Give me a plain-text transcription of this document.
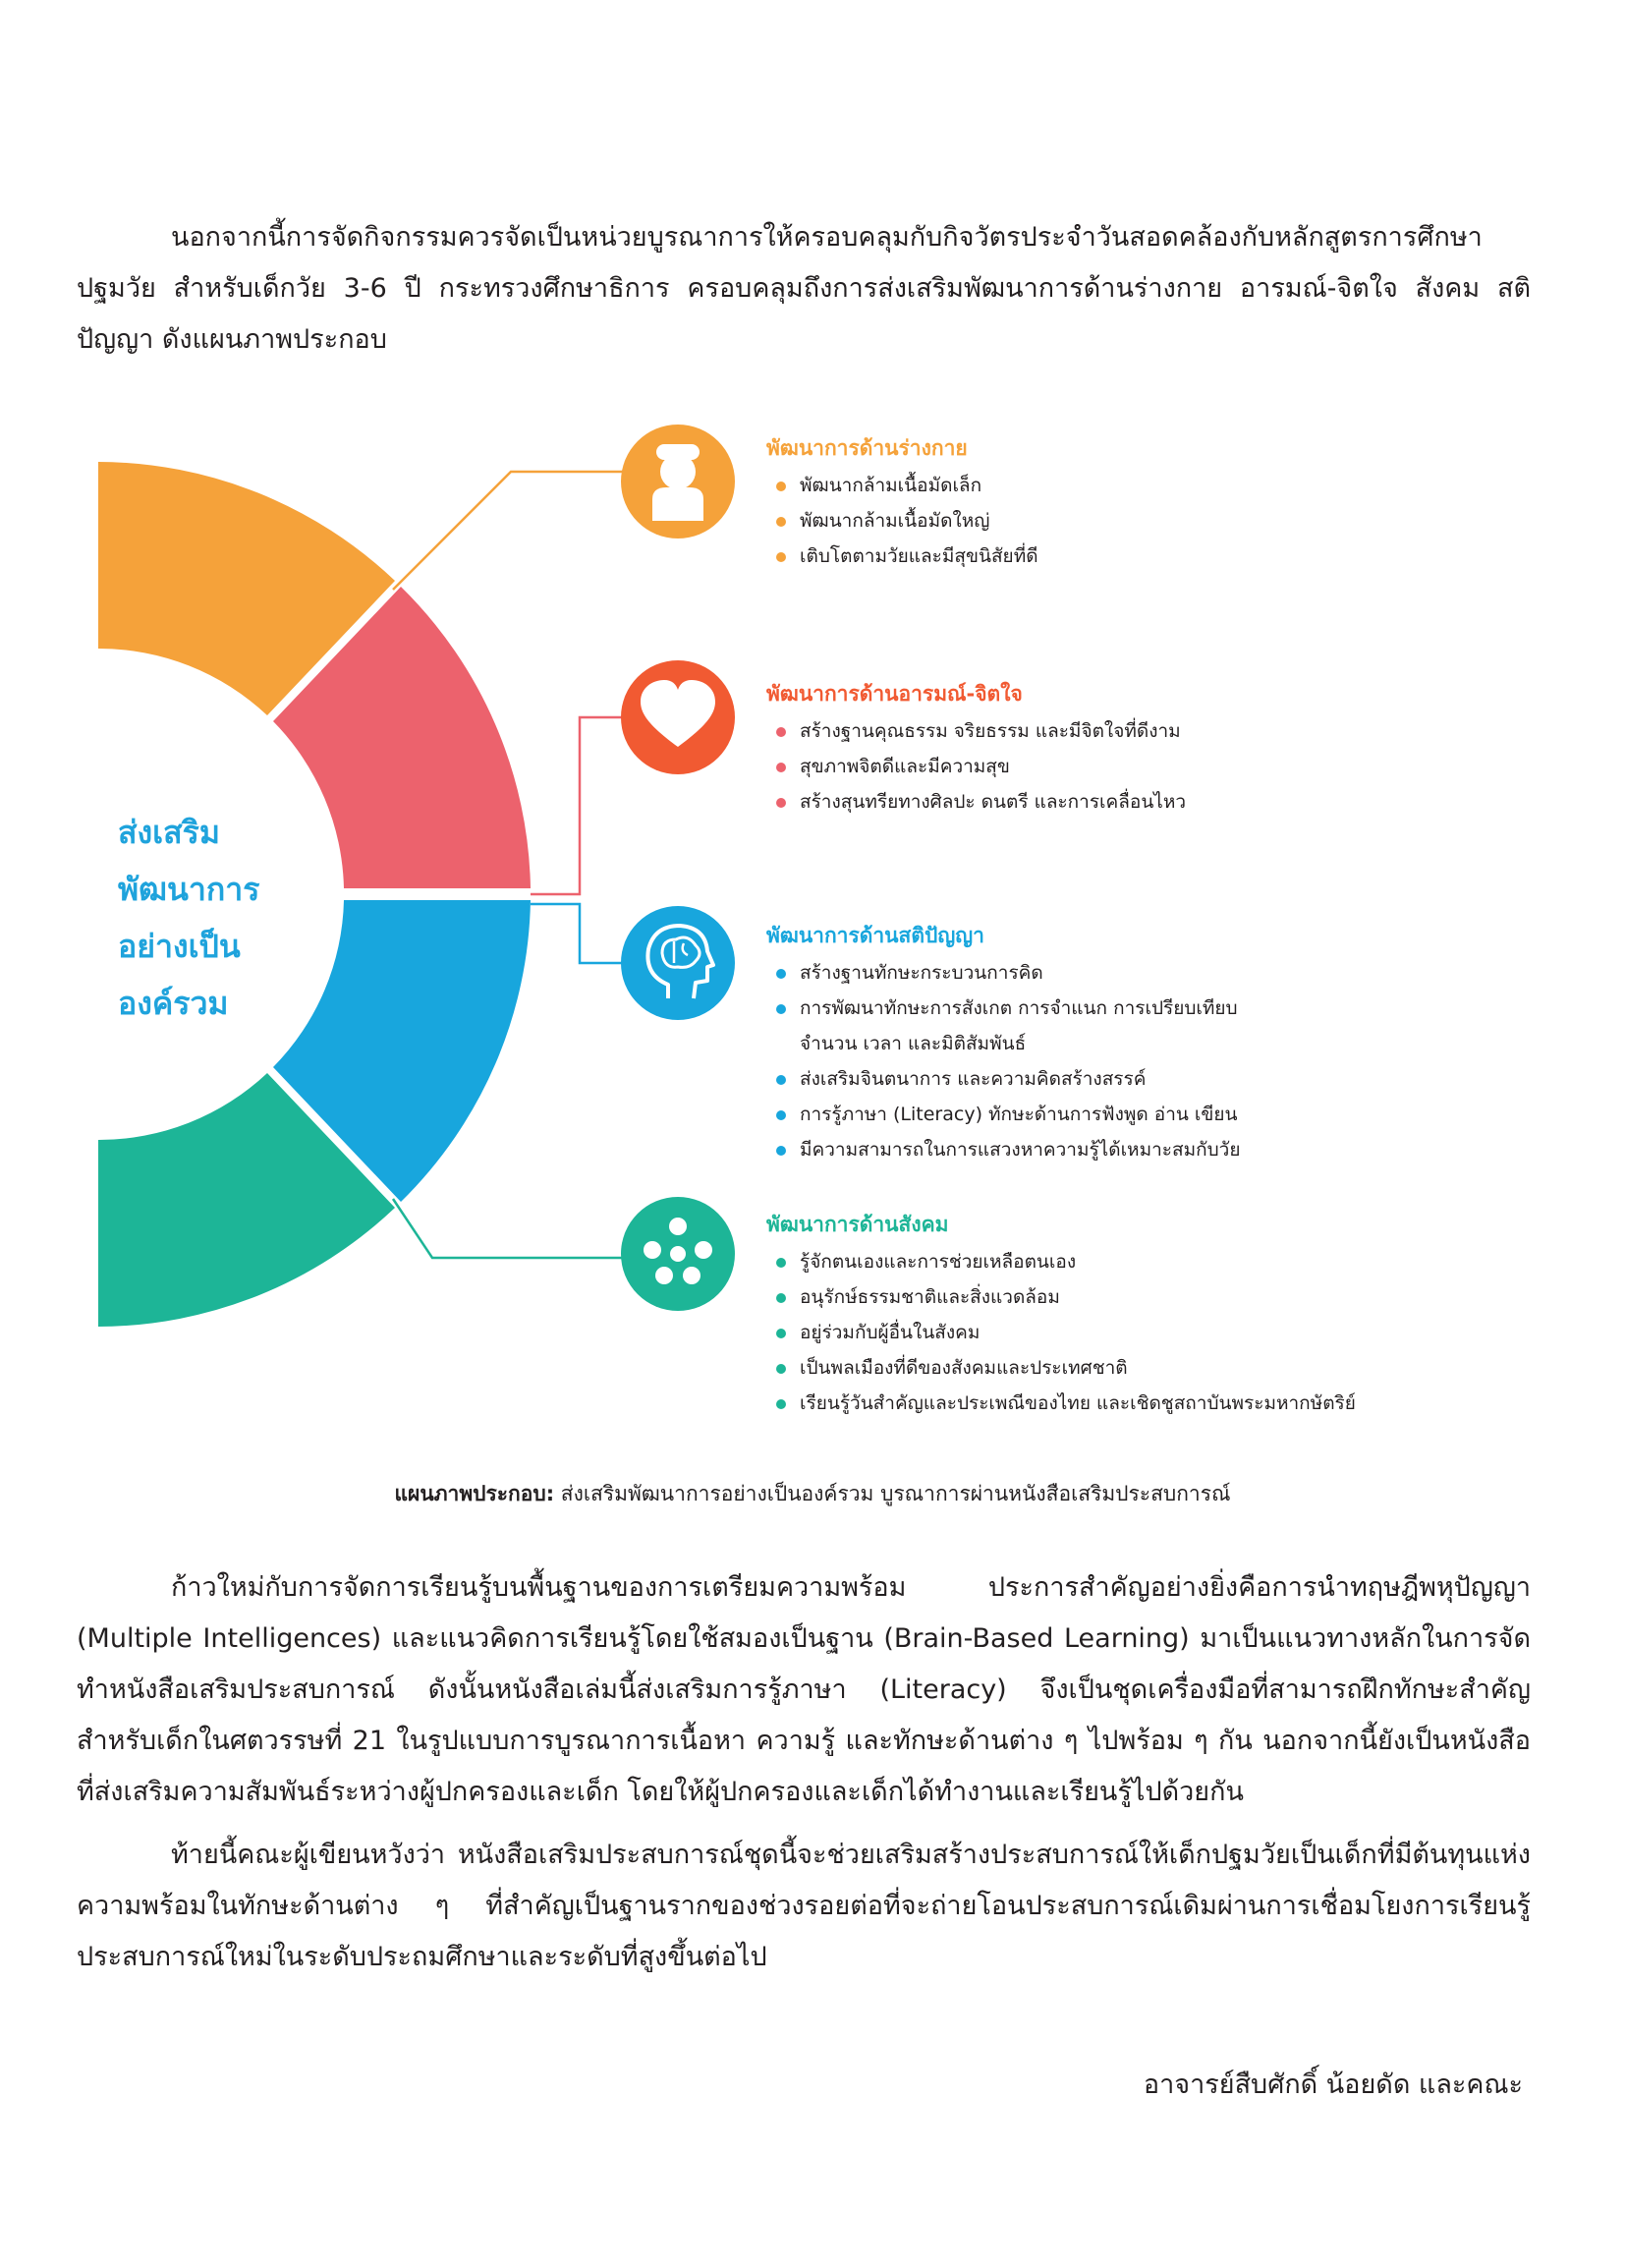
นอกจากนี้การจัดกิจกรรมควรจัดเป็นหน่วยบูรณาการให้ครอบคลุมกับกิจวัตรประจำวันสอดคล้องกับหลักสูตรการศึกษาปฐมวัย สำหรับเด็กวัย 3-6 ปี กระทรวงศึกษาธิการ ครอบคลุมถึงการส่งเสริมพัฒนาการด้านร่างกาย อารมณ์-จิตใจ สังคม สติปัญญา ดังแผนภาพประกอบ

ส่งเสริม
พัฒนาการ
อย่างเป็น
องค์รวม

พัฒนาการด้านร่างกาย

พัฒนากล้ามเนื้อมัดเล็ก
พัฒนากล้ามเนื้อมัดใหญ่
เติบโตตามวัยและมีสุขนิสัยที่ดี

พัฒนาการด้านอารมณ์-จิตใจ

สร้างฐานคุณธรรม จริยธรรม และมีจิตใจที่ดีงาม
สุขภาพจิตดีและมีความสุข
สร้างสุนทรียทางศิลปะ ดนตรี และการเคลื่อนไหว

พัฒนาการด้านสติปัญญา

สร้างฐานทักษะกระบวนการคิด
การพัฒนาทักษะการสังเกต การจำแนก การเปรียบเทียบ
จำนวน เวลา และมิติสัมพันธ์
ส่งเสริมจินตนาการ และความคิดสร้างสรรค์
การรู้ภาษา (Literacy) ทักษะด้านการฟังพูด อ่าน เขียน
มีความสามารถในการแสวงหาความรู้ได้เหมาะสมกับวัย

พัฒนาการด้านสังคม

รู้จักตนเองและการช่วยเหลือตนเอง
อนุรักษ์ธรรมชาติและสิ่งแวดล้อม
อยู่ร่วมกับผู้อื่นในสังคม
เป็นพลเมืองที่ดีของสังคมและประเทศชาติ
เรียนรู้วันสำคัญและประเพณีของไทย และเชิดชูสถาบันพระมหากษัตริย์
แผนภาพประกอบ: ส่งเสริมพัฒนาการอย่างเป็นองค์รวม บูรณาการผ่านหนังสือเสริมประสบการณ์

ก้าวใหม่กับการจัดการเรียนรู้บนพื้นฐานของการเตรียมความพร้อม ประการสำคัญอย่างยิ่งคือการนำทฤษฎีพหุปัญญา (Multiple Intelligences) และแนวคิดการเรียนรู้โดยใช้สมองเป็นฐาน (Brain-Based Learning) มาเป็นแนวทางหลักในการจัดทำหนังสือเสริมประสบการณ์ ดังนั้นหนังสือเล่มนี้ส่งเสริมการรู้ภาษา (Literacy) จึงเป็นชุดเครื่องมือที่สามารถฝึกทักษะสำคัญสำหรับเด็กในศตวรรษที่ 21 ในรูปแบบการบูรณาการเนื้อหา ความรู้ และทักษะด้านต่าง ๆ ไปพร้อม ๆ กัน นอกจากนี้ยังเป็นหนังสือที่ส่งเสริมความสัมพันธ์ระหว่างผู้ปกครองและเด็ก โดยให้ผู้ปกครองและเด็กได้ทำงานและเรียนรู้ไปด้วยกัน

ท้ายนี้คณะผู้เขียนหวังว่า หนังสือเสริมประสบการณ์ชุดนี้จะช่วยเสริมสร้างประสบการณ์ให้เด็กปฐมวัยเป็นเด็กที่มีต้นทุนแห่งความพร้อมในทักษะด้านต่าง ๆ ที่สำคัญเป็นฐานรากของช่วงรอยต่อที่จะถ่ายโอนประสบการณ์เดิมผ่านการเชื่อมโยงการเรียนรู้ประสบการณ์ใหม่ในระดับประถมศึกษาและระดับที่สูงขึ้นต่อไป

อาจารย์สืบศักดิ์ น้อยดัด และคณะ
